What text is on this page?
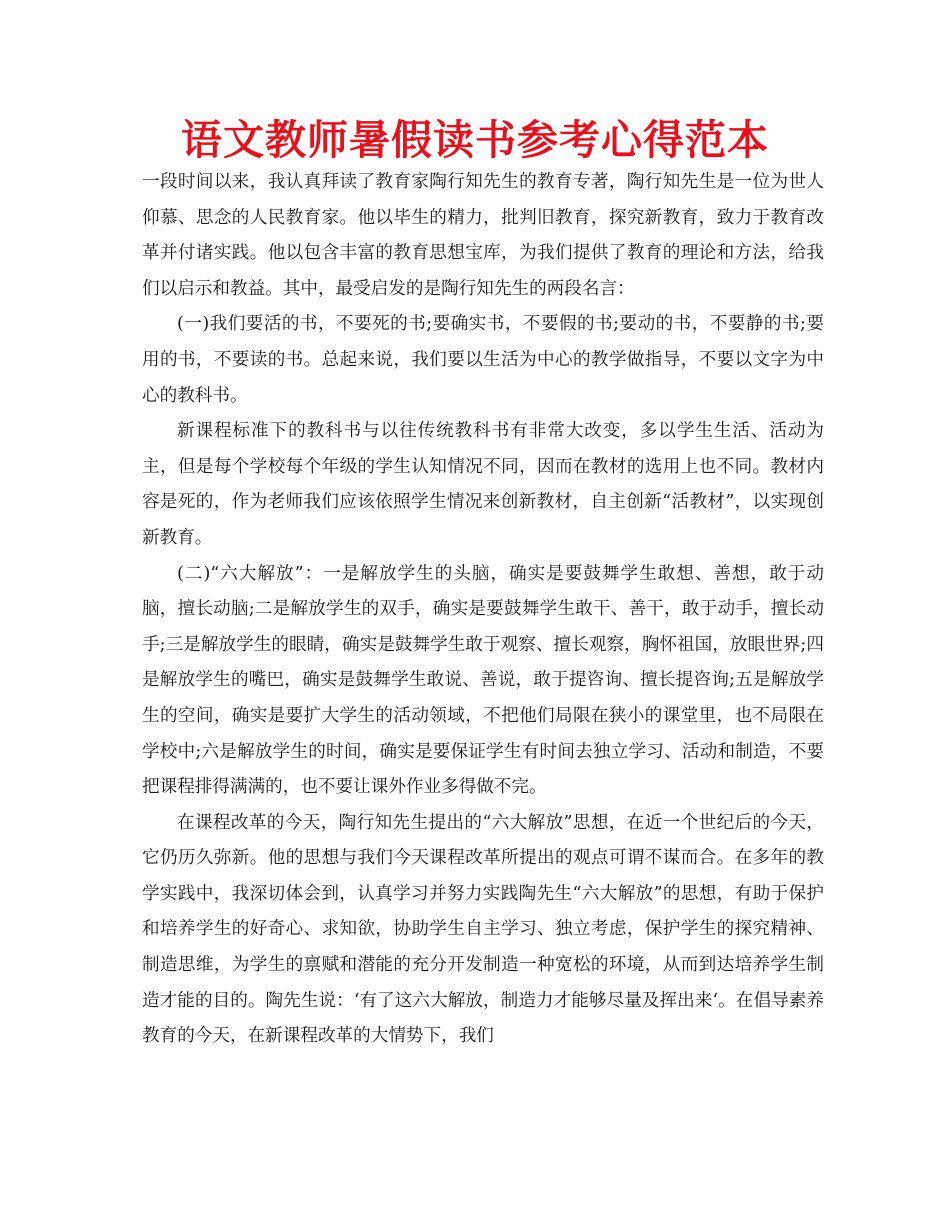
语文教师暑假读书参考心得范本

一段时间以来，我认真拜读了教育家陶行知先生的教育专著，陶行知先生是一位为世人仰慕、思念的人民教育家。他以毕生的精力，批判旧教育，探究新教育，致力于教育改革并付诸实践。他以包含丰富的教育思想宝库，为我们提供了教育的理论和方法，给我们以启示和教益。其中，最受启发的是陶行知先生的两段名言：

(一)我们要活的书，不要死的书;要确实书，不要假的书;要动的书，不要静的书;要用的书，不要读的书。总起来说，我们要以生活为中心的教学做指导，不要以文字为中心的教科书。

新课程标准下的教科书与以往传统教科书有非常大改变，多以学生生活、活动为主，但是每个学校每个年级的学生认知情况不同，因而在教材的选用上也不同。教材内容是死的，作为老师我们应该依照学生情况来创新教材，自主创新“活教材”，以实现创新教育。

(二)“六大解放”：一是解放学生的头脑，确实是要鼓舞学生敢想、善想，敢于动脑，擅长动脑;二是解放学生的双手，确实是要鼓舞学生敢干、善干，敢于动手，擅长动手;三是解放学生的眼睛，确实是鼓舞学生敢于观察、擅长观察，胸怀祖国，放眼世界;四是解放学生的嘴巴，确实是鼓舞学生敢说、善说，敢于提咨询、擅长提咨询;五是解放学生的空间，确实是要扩大学生的活动领域，不把他们局限在狭小的课堂里，也不局限在学校中;六是解放学生的时间，确实是要保证学生有时间去独立学习、活动和制造，不要把课程排得满满的，也不要让课外作业多得做不完。

在课程改革的今天，陶行知先生提出的“六大解放”思想，在近一个世纪后的今天，它仍历久弥新。他的思想与我们今天课程改革所提出的观点可谓不谋而合。在多年的教学实践中，我深切体会到，认真学习并努力实践陶先生“六大解放”的思想，有助于保护和培养学生的好奇心、求知欲，协助学生自主学习、独立考虑，保护学生的探究精神、制造思维，为学生的禀赋和潜能的充分开发制造一种宽松的环境，从而到达培养学生制造才能的目的。陶先生说：‘有了这六大解放，制造力才能够尽量及挥出来‘。在倡导素养教育的今天，在新课程改革的大情势下，我们
